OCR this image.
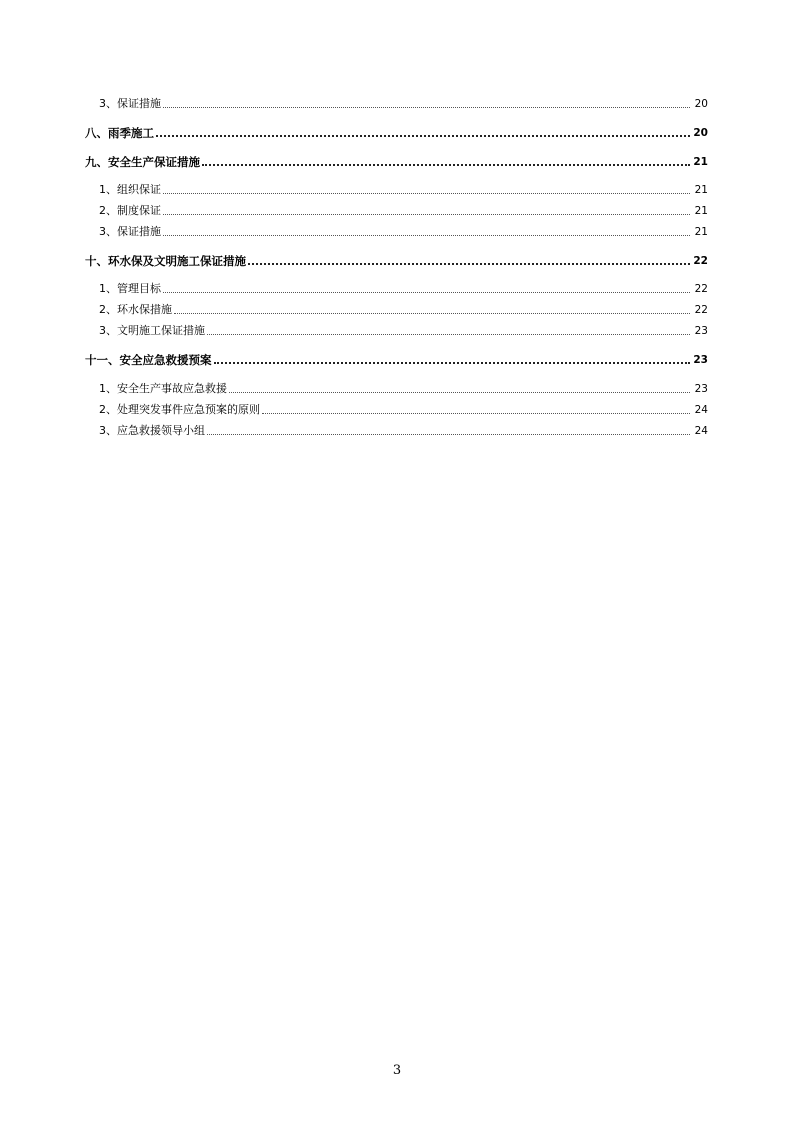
3、保证措施	20
八、雨季施工	20
九、安全生产保证措施	21
1、组织保证	21
2、制度保证	21
3、保证措施	21
十、环水保及文明施工保证措施	22
1、管理目标	22
2、环水保措施	22
3、文明施工保证措施	23
十一、安全应急救援预案	23
1、安全生产事故应急救援	23
2、处理突发事件应急预案的原则	24
3、应急救援领导小组	24
3
